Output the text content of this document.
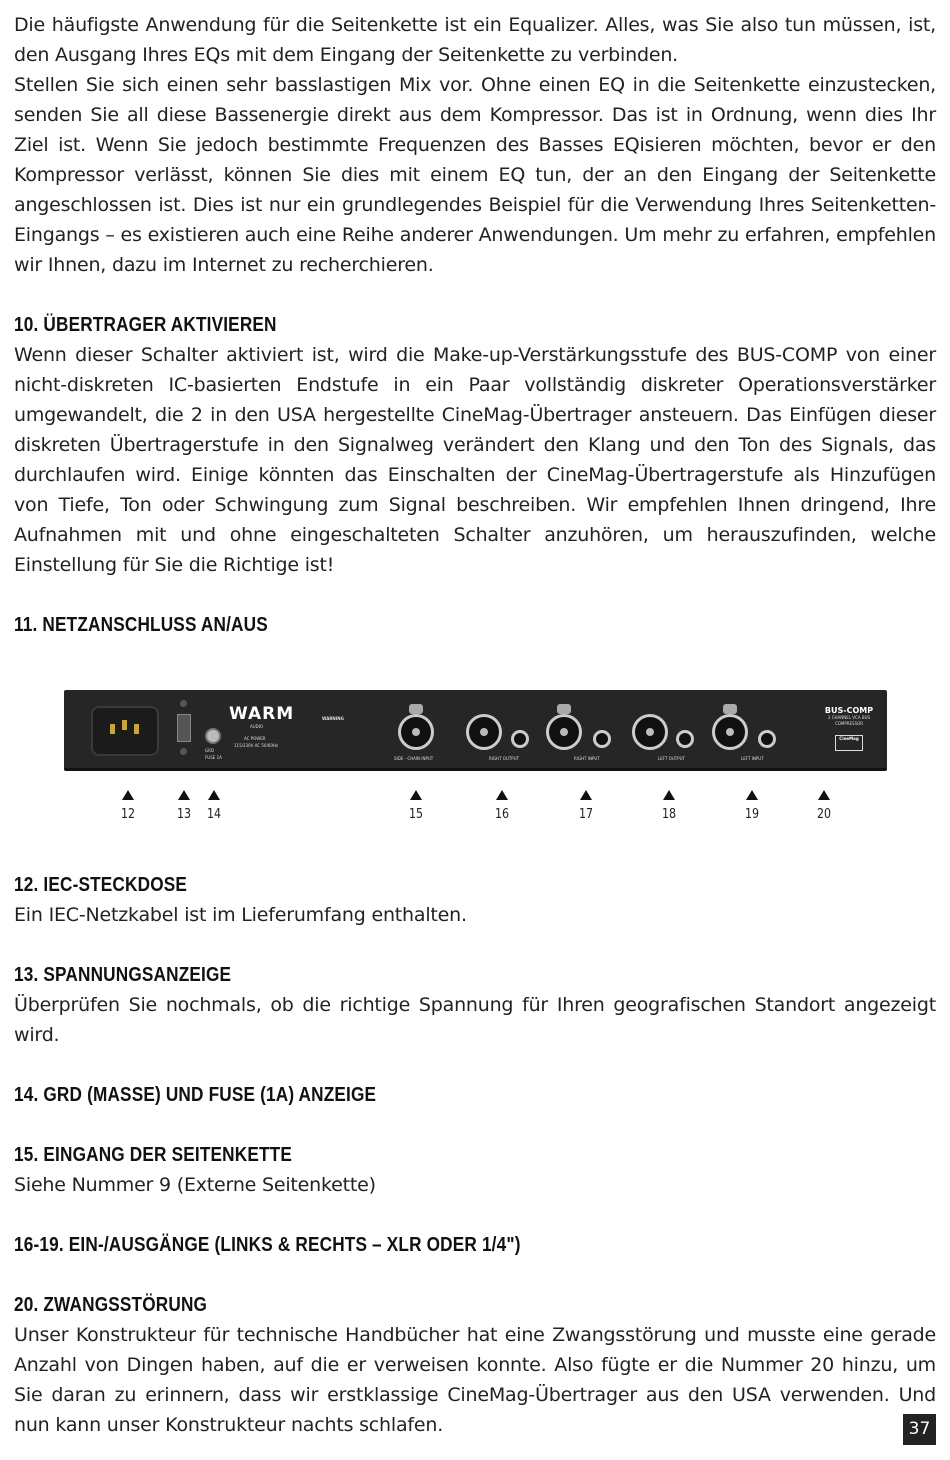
Die häufigste Anwendung für die Seitenkette ist ein Equalizer. Alles, was Sie also tun müssen, ist, den Ausgang Ihres EQs mit dem Eingang der Seitenkette zu verbinden.

Stellen Sie sich einen sehr basslastigen Mix vor. Ohne einen EQ in die Seitenkette einzustecken, senden Sie all diese Bassenergie direkt aus dem Kompressor. Das ist in Ordnung, wenn dies Ihr Ziel ist. Wenn Sie jedoch bestimmte Frequenzen des Basses EQisieren möchten, bevor er den Kompressor verlässt, können Sie dies mit einem EQ tun, der an den Eingang der Seitenkette angeschlossen ist. Dies ist nur ein grundlegendes Beispiel für die Verwendung Ihres Seitenketten-Eingangs – es existieren auch eine Reihe anderer Anwendungen. Um mehr zu erfahren, empfehlen wir Ihnen, dazu im Internet zu recherchieren.

10. ÜBERTRAGER AKTIVIEREN

Wenn dieser Schalter aktiviert ist, wird die Make-up-Verstärkungsstufe des BUS-COMP von einer nicht-diskreten IC-basierten Endstufe in ein Paar vollständig diskreter Operationsverstärker umgewandelt, die 2 in den USA hergestellte CineMag-Übertrager ansteuern. Das Einfügen dieser diskreten Übertragerstufe in den Signalweg verändert den Klang und den Ton des Signals, das durchlaufen wird. Einige könnten das Einschalten der CineMag-Übertragerstufe als Hinzufügen von Tiefe, Ton oder Schwingung zum Signal beschreiben. Wir empfehlen Ihnen dringend, Ihre Aufnahmen mit und ohne eingeschalteten Schalter anzuhören, um herauszufinden, welche Einstellung für Sie die Richtige ist!

11. NETZANSCHLUSS AN/AUS
GRD
FUSE 1A
WARM
AUDIO
AC POWER
115/230V AC 50/60Hz
WARNING
SIDE - CHAIN INPUT	RIGHT OUTPUT	RIGHT INPUT	LEFT OUTPUT	LEFT INPUT
BUS-COMP
2 CHANNEL VCA BUS COMPRESSOR
CineMag
12	13	14	15	16	17	18	19	20
12. IEC-STECKDOSE

Ein IEC-Netzkabel ist im Lieferumfang enthalten.

13. SPANNUNGSANZEIGE

Überprüfen Sie nochmals, ob die richtige Spannung für Ihren geografischen Standort angezeigt wird.

14. GRD (MASSE) UND FUSE (1A) ANZEIGE
15. EINGANG DER SEITENKETTE

Siehe Nummer 9 (Externe Seitenkette)

16-19. EIN-/AUSGÄNGE (LINKS & RECHTS – XLR ODER 1/4")
20. ZWANGSSTÖRUNG

Unser Konstrukteur für technische Handbücher hat eine Zwangsstörung und musste eine gerade Anzahl von Dingen haben, auf die er verweisen konnte. Also fügte er die Nummer 20 hinzu, um Sie daran zu erinnern, dass wir erstklassige CineMag-Übertrager aus den USA verwenden. Und nun kann unser Konstrukteur nachts schlafen.	37
